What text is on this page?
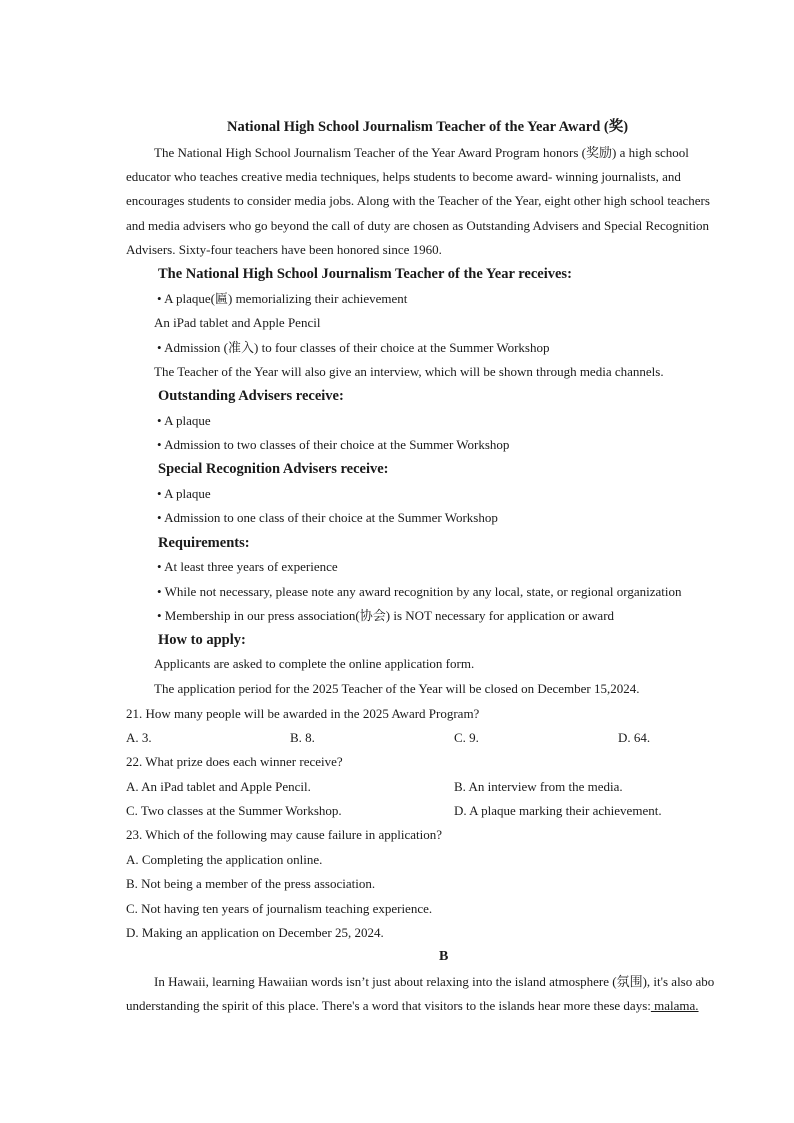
National High School Journalism Teacher of the Year Award (奖)
The National High School Journalism Teacher of the Year Award Program honors (奖励) a high school
educator who teaches creative media techniques, helps students to become award- winning journalists, and
encourages students to consider media jobs. Along with the Teacher of the Year, eight other high school teachers
and media advisers who go beyond the call of duty are chosen as Outstanding Advisers and Special Recognition
Advisers. Sixty-four teachers have been honored since 1960.
The National High School Journalism Teacher of the Year receives:
• A plaque(匾) memorializing their achievement
An iPad tablet and Apple Pencil
• Admission (准入) to four classes of their choice at the Summer Workshop
The Teacher of the Year will also give an interview, which will be shown through media channels.
Outstanding Advisers receive:
• A plaque
• Admission to two classes of their choice at the Summer Workshop
Special Recognition Advisers receive:
• A plaque
• Admission to one class of their choice at the Summer Workshop
Requirements:
• At least three years of experience
• While not necessary, please note any award recognition by any local, state, or regional organization
• Membership in our press association(协会) is NOT necessary for application or award
How to apply:
Applicants are asked to complete the online application form.
The application period for the 2025 Teacher of the Year will be closed on December 15,2024.
21. How many people will be awarded in the 2025 Award Program?
A. 3.	B. 8.	C. 9.	D. 64.
22. What prize does each winner receive?
A. An iPad tablet and Apple Pencil.	B. An interview from the media.
C. Two classes at the Summer Workshop.	D. A plaque marking their achievement.
23. Which of the following may cause failure in application?
A. Completing the application online.
B. Not being a member of the press association.
C. Not having ten years of journalism teaching experience.
D. Making an application on December 25, 2024.
B
In Hawaii, learning Hawaiian words isn’t just about relaxing into the island atmosphere (氛围), it's also abo
understanding the spirit of this place. There's a word that visitors to the islands hear more these days: malama.
